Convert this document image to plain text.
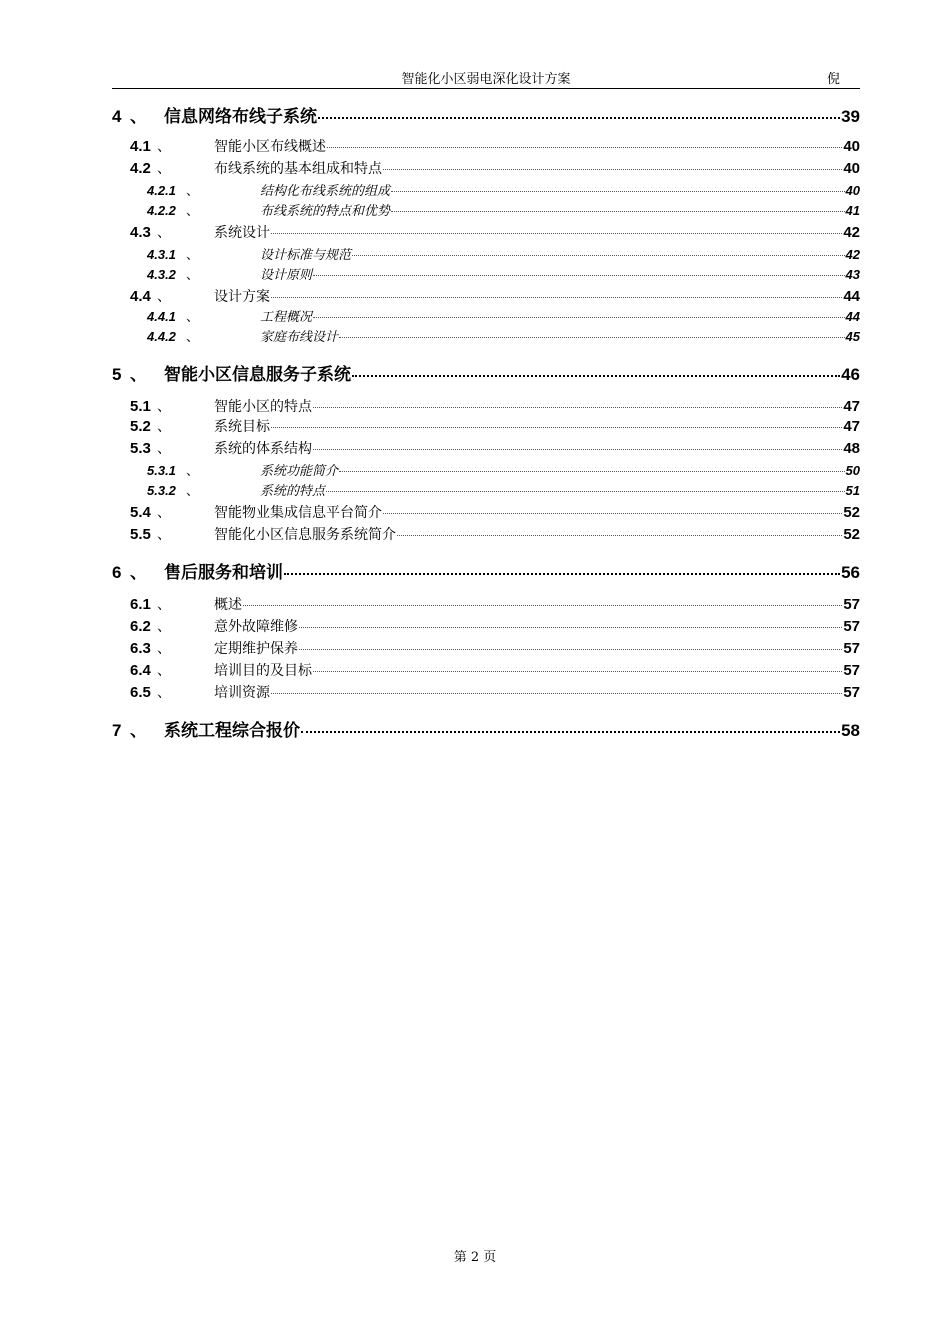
智能化小区弱电深化设计方案	倪
4 、	信息网络布线子系统	39
4.1 、	智能小区布线概述	40
4.2 、	布线系统的基本组成和特点	40
4.2.1 、	结构化布线系统的组成	40
4.2.2 、	布线系统的特点和优势	41
4.3 、	系统设计	42
4.3.1 、	设计标准与规范	42
4.3.2 、	设计原则	43
4.4 、	设计方案	44
4.4.1 、	工程概况	44
4.4.2 、	家庭布线设计	45
5 、	智能小区信息服务子系统	46
5.1 、	智能小区的特点	47
5.2 、	系统目标	47
5.3 、	系统的体系结构	48
5.3.1 、	系统功能简介	50
5.3.2 、	系统的特点	51
5.4 、	智能物业集成信息平台简介	52
5.5 、	智能化小区信息服务系统简介	52
6 、	售后服务和培训	56
6.1 、	概述	57
6.2 、	意外故障维修	57
6.3 、	定期维护保养	57
6.4 、	培训目的及目标	57
6.5 、	培训资源	57
7 、	系统工程综合报价	58
第 2 页
